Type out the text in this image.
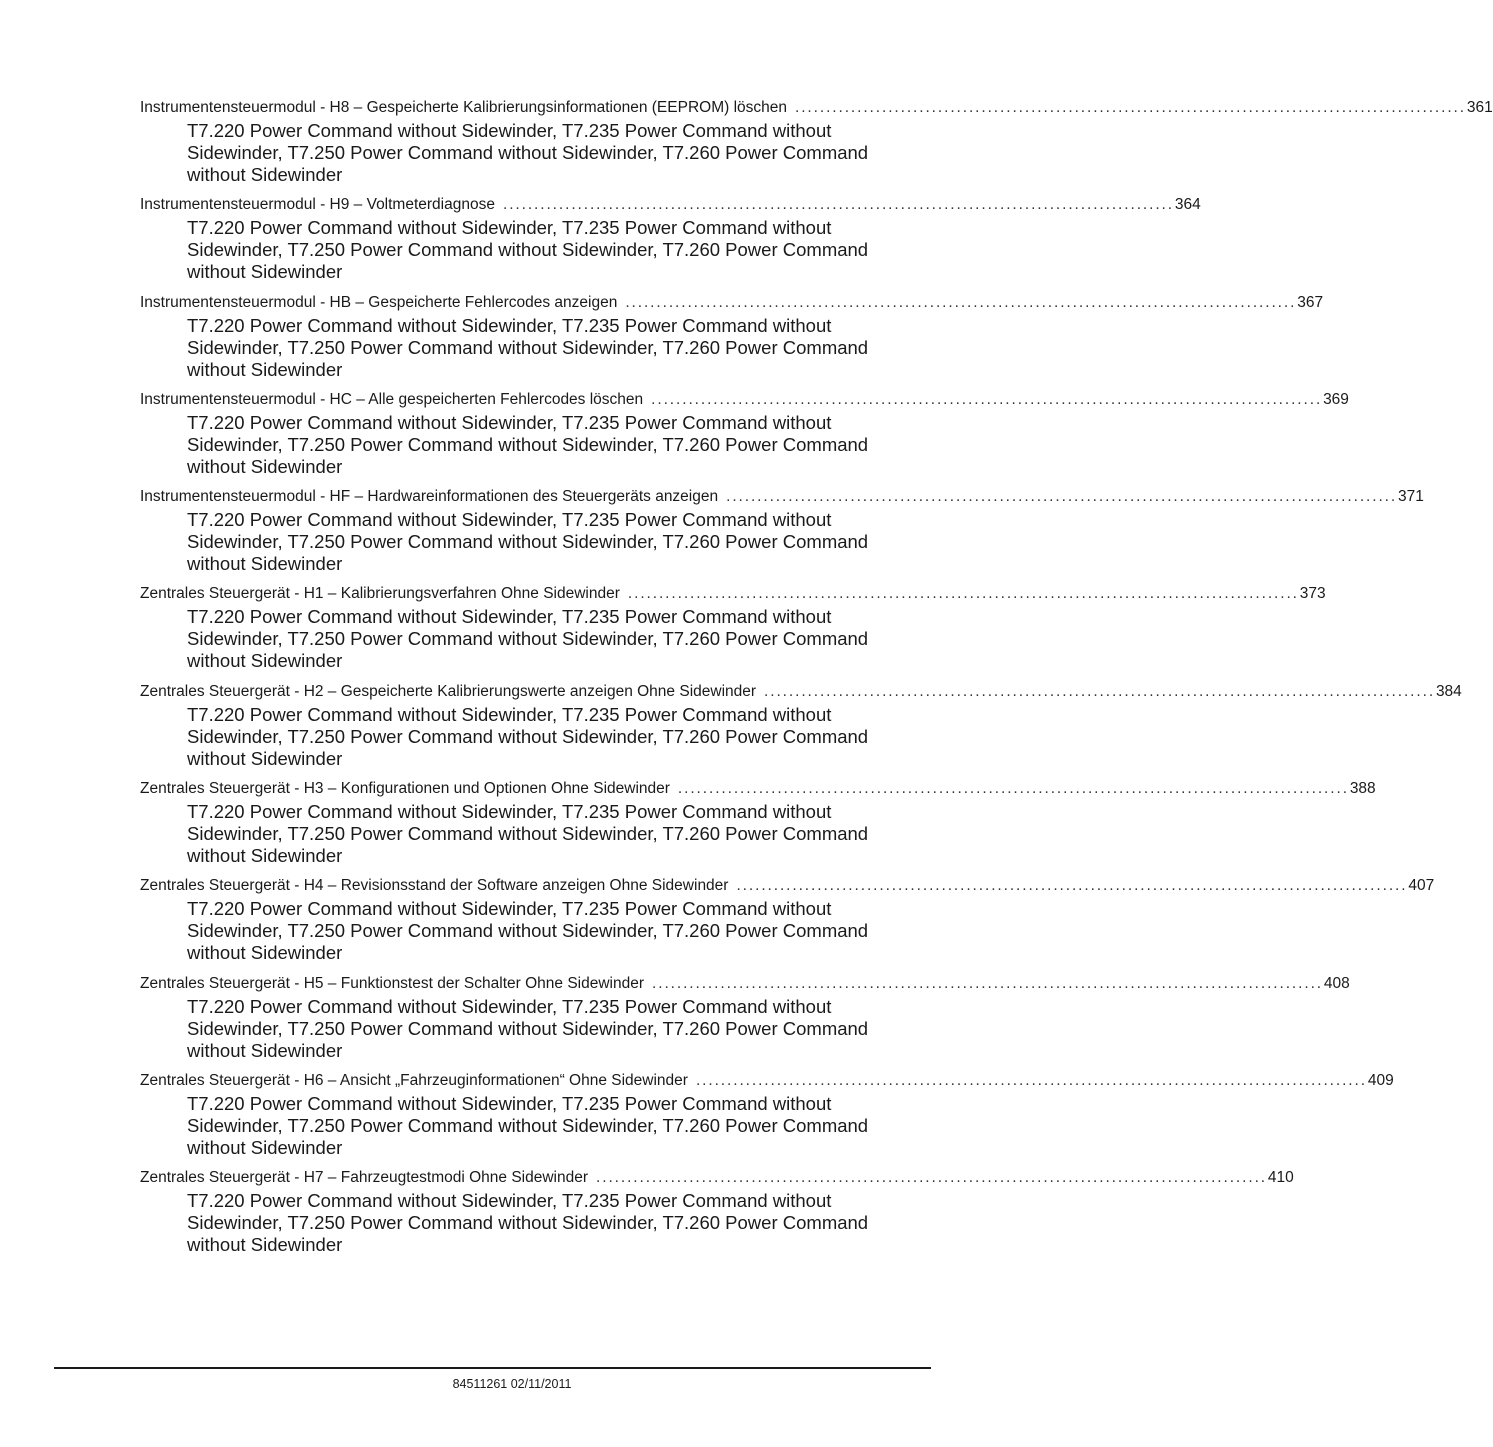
Instrumentensteuermodul - H8 – Gespeicherte Kalibrierungsinformationen (EEPROM) löschen . . .	361
T7.220 Power Command without Sidewinder, T7.235 Power Command without Sidewinder, T7.250 Power Command without Sidewinder, T7.260 Power Command without Sidewinder
Instrumentensteuermodul - H9 – Voltmeterdiagnose . . .	364
T7.220 Power Command without Sidewinder, T7.235 Power Command without Sidewinder, T7.250 Power Command without Sidewinder, T7.260 Power Command without Sidewinder
Instrumentensteuermodul - HB – Gespeicherte Fehlercodes anzeigen . . .	367
T7.220 Power Command without Sidewinder, T7.235 Power Command without Sidewinder, T7.250 Power Command without Sidewinder, T7.260 Power Command without Sidewinder
Instrumentensteuermodul - HC – Alle gespeicherten Fehlercodes löschen . . .	369
T7.220 Power Command without Sidewinder, T7.235 Power Command without Sidewinder, T7.250 Power Command without Sidewinder, T7.260 Power Command without Sidewinder
Instrumentensteuermodul - HF – Hardwareinformationen des Steuergeräts anzeigen . . .	371
T7.220 Power Command without Sidewinder, T7.235 Power Command without Sidewinder, T7.250 Power Command without Sidewinder, T7.260 Power Command without Sidewinder
Zentrales Steuergerät - H1 – Kalibrierungsverfahren Ohne Sidewinder . . .	373
T7.220 Power Command without Sidewinder, T7.235 Power Command without Sidewinder, T7.250 Power Command without Sidewinder, T7.260 Power Command without Sidewinder
Zentrales Steuergerät - H2 – Gespeicherte Kalibrierungswerte anzeigen Ohne Sidewinder . . .	384
T7.220 Power Command without Sidewinder, T7.235 Power Command without Sidewinder, T7.250 Power Command without Sidewinder, T7.260 Power Command without Sidewinder
Zentrales Steuergerät - H3 – Konfigurationen und Optionen Ohne Sidewinder . . .	388
T7.220 Power Command without Sidewinder, T7.235 Power Command without Sidewinder, T7.250 Power Command without Sidewinder, T7.260 Power Command without Sidewinder
Zentrales Steuergerät - H4 – Revisionsstand der Software anzeigen Ohne Sidewinder . . .	407
T7.220 Power Command without Sidewinder, T7.235 Power Command without Sidewinder, T7.250 Power Command without Sidewinder, T7.260 Power Command without Sidewinder
Zentrales Steuergerät - H5 – Funktionstest der Schalter Ohne Sidewinder . . .	408
T7.220 Power Command without Sidewinder, T7.235 Power Command without Sidewinder, T7.250 Power Command without Sidewinder, T7.260 Power Command without Sidewinder
Zentrales Steuergerät - H6 – Ansicht „Fahrzeuginformationen“ Ohne Sidewinder . . .	409
T7.220 Power Command without Sidewinder, T7.235 Power Command without Sidewinder, T7.250 Power Command without Sidewinder, T7.260 Power Command without Sidewinder
Zentrales Steuergerät - H7 – Fahrzeugtestmodi Ohne Sidewinder . . .	410
T7.220 Power Command without Sidewinder, T7.235 Power Command without Sidewinder, T7.250 Power Command without Sidewinder, T7.260 Power Command without Sidewinder
84511261 02/11/2011
